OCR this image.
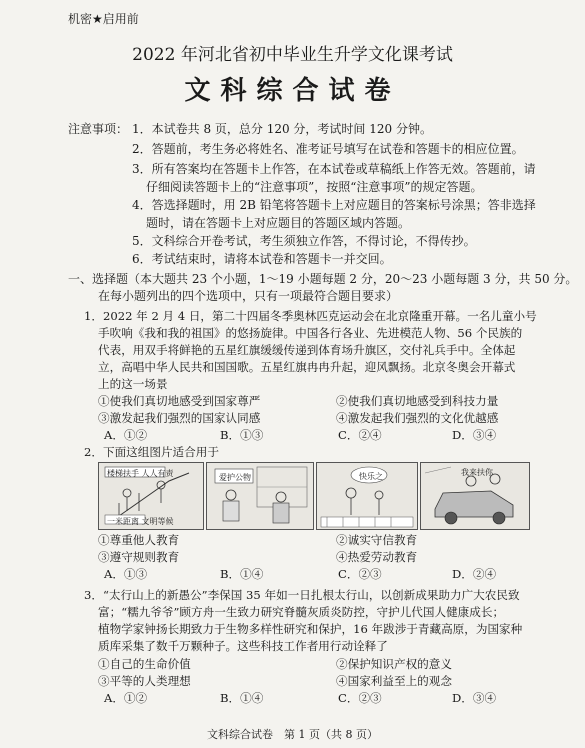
机密★启用前
2022 年河北省初中毕业生升学文化课考试
文科综合试卷
注意事项： 1．本试卷共 8 页，总分 120 分，考试时间 120 分钟。
2．答题前，考生务必将姓名、准考证号填写在试卷和答题卡的相应位置。
3．所有答案均在答题卡上作答，在本试卷或草稿纸上作答无效。答题前，请
仔细阅读答题卡上的“注意事项”，按照“注意事项”的规定答题。
4．答选择题时，用 2B 铅笔将答题卡上对应题目的答案标号涂黑；答非选择
题时，请在答题卡上对应题目的答题区域内答题。
5．文科综合开卷考试，考生须独立作答，不得讨论，不得传抄。
6．考试结束时，请将本试卷和答题卡一并交回。
一、选择题（本大题共 23 个小题，1～19 小题每题 2 分，20～23 小题每题 3 分，共 50 分。
在每小题列出的四个选项中，只有一项最符合题目要求）
1．2022 年 2 月 4 日，第二十四届冬季奥林匹克运动会在北京隆重开幕。一名儿童小号
手吹响《我和我的祖国》的悠扬旋律。中国各行各业、先进模范人物、56 个民族的
代表，用双手将鲜艳的五星红旗缓缓传递到体育场升旗区，交付礼兵手中。全体起
立，高唱中华人民共和国国歌。五星红旗冉冉升起，迎风飘扬。北京冬奥会开幕式
上的这一场景
①使我们真切地感受到国家尊严	②使我们真切地感受到科技力量
③激发起我们强烈的国家认同感	④激发起我们强烈的文化优越感
A．①②	B．①③	C．②④	D．③④
2．下面这组图片适合用于
楼梯扶手 人人有责
一米距离 文明等候
爱护公物	快乐之	我来扶你
①尊重他人教育	②诚实守信教育
③遵守规则教育	④热爱劳动教育
A．①③	B．①④	C．②③	D．②④
3．“太行山上的新愚公”李保国 35 年如一日扎根太行山，以创新成果助力广大农民致
富；“糯九爷爷”顾方舟一生致力研究脊髓灰质炎防控，守护儿代国人健康成长；
植物学家钟扬长期致力于生物多样性研究和保护，16 年跋涉于青藏高原，为国家种
质库采集了数千万颗种子。这些科技工作者用行动诠释了
①自己的生命价值	②保护知识产权的意义
③平等的人类理想	④国家利益至上的观念
A．①②	B．①④	C．②③	D．③④
文科综合试卷　第 1 页（共 8 页）
